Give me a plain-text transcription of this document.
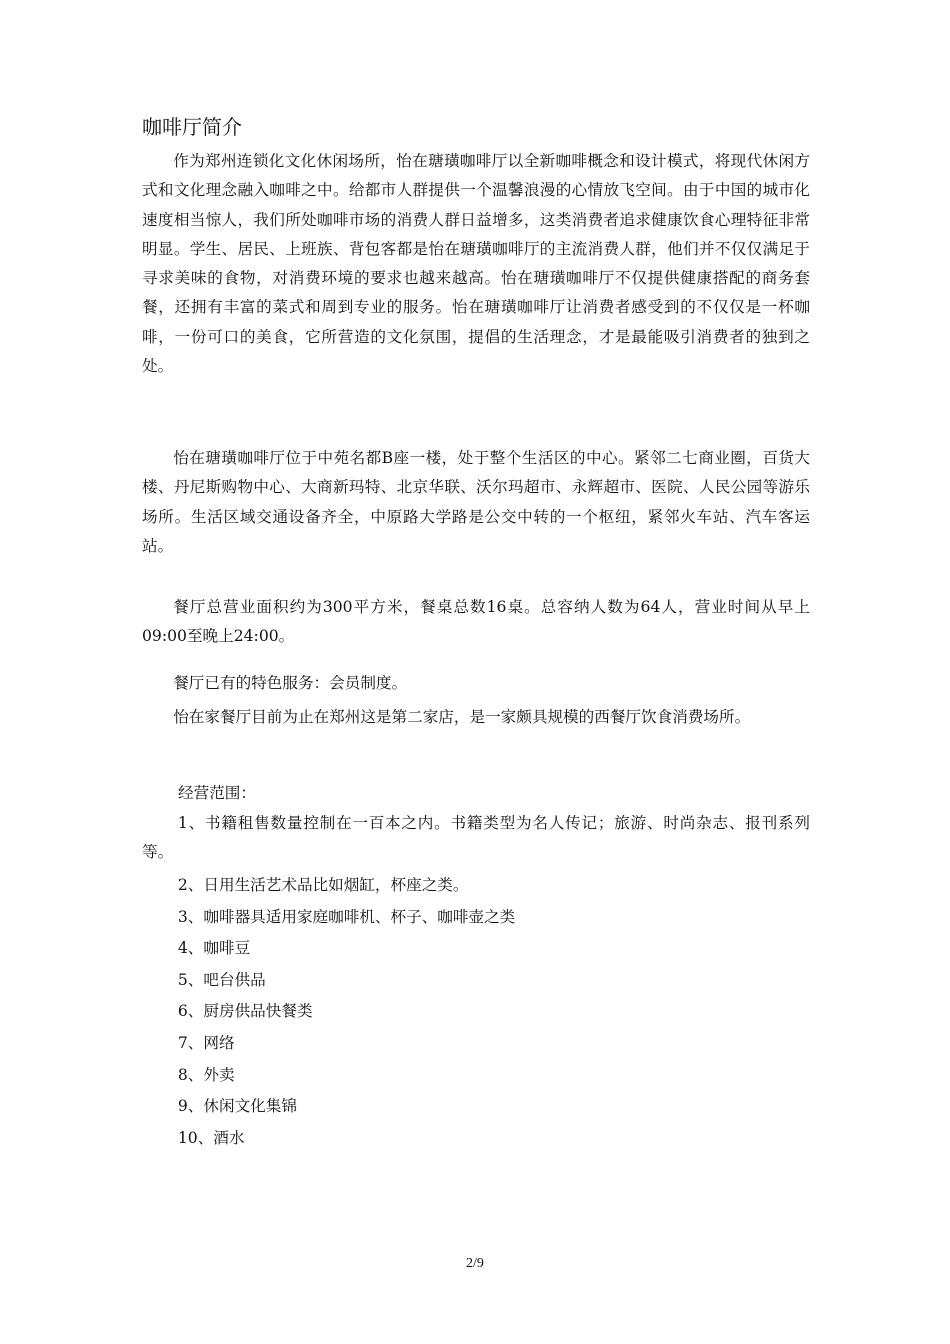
咖啡厅简介

作为郑州连锁化文化休闲场所，怡在瑭璜咖啡厅以全新咖啡概念和设计模式，将现代休闲方式和文化理念融入咖啡之中。给都市人群提供一个温馨浪漫的心情放飞空间。由于中国的城市化速度相当惊人，我们所处咖啡市场的消费人群日益增多，这类消费者追求健康饮食心理特征非常明显。学生、居民、上班族、背包客都是怡在瑭璜咖啡厅的主流消费人群，他们并不仅仅满足于寻求美味的食物，对消费环境的要求也越来越高。怡在瑭璜咖啡厅不仅提供健康搭配的商务套餐，还拥有丰富的菜式和周到专业的服务。怡在瑭璜咖啡厅让消费者感受到的不仅仅是一杯咖啡，一份可口的美食，它所营造的文化氛围，提倡的生活理念，才是最能吸引消费者的独到之处。

怡在瑭璜咖啡厅位于中苑名都B座一楼，处于整个生活区的中心。紧邻二七商业圈，百货大楼、丹尼斯购物中心、大商新玛特、北京华联、沃尔玛超市、永辉超市、医院、人民公园等游乐场所。生活区域交通设备齐全，中原路大学路是公交中转的一个枢纽，紧邻火车站、汽车客运站。

餐厅总营业面积约为300平方米，餐桌总数16桌。总容纳人数为64人，营业时间从早上09:00至晚上24:00。

餐厅已有的特色服务：会员制度。

怡在家餐厅目前为止在郑州这是第二家店，是一家颇具规模的西餐厅饮食消费场所。

经营范围：

1、书籍租售数量控制在一百本之内。书籍类型为名人传记；旅游、时尚杂志、报刊系列等。
2、日用生活艺术品比如烟缸，杯座之类。
3、咖啡器具适用家庭咖啡机、杯子、咖啡壶之类
4、咖啡豆
5、吧台供品
6、厨房供品快餐类
7、网络
8、外卖
9、休闲文化集锦
10、酒水

2/9
